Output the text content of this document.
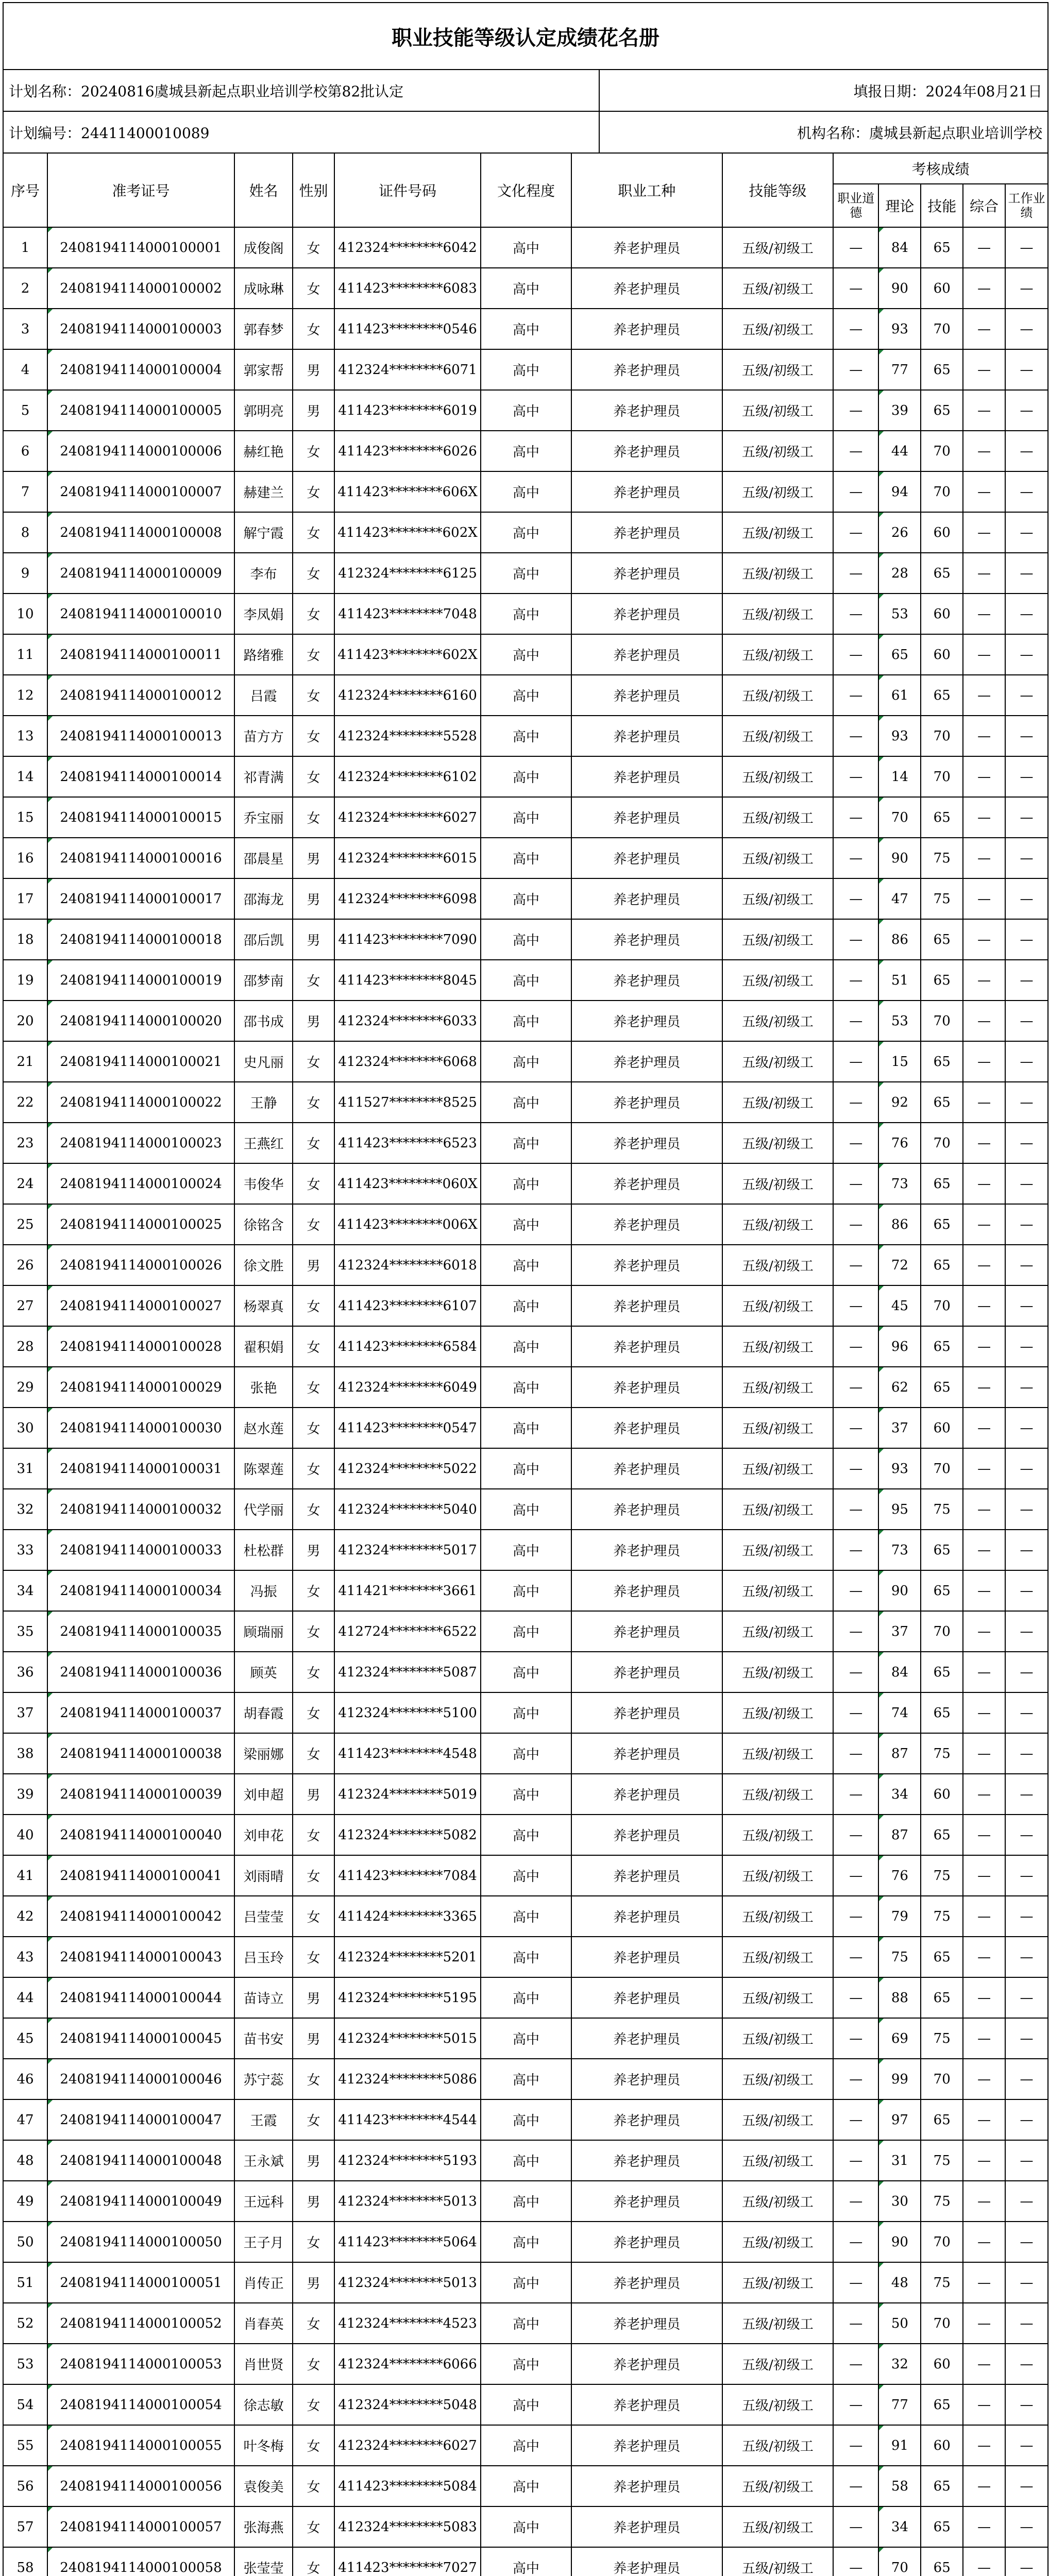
职业技能等级认定成绩花名册
计划名称：20240816虞城县新起点职业培训学校第82批认定	填报日期：2024年08月21日
计划编号：24411400010089	机构名称：虞城县新起点职业培训学校
序号	准考证号	姓名	性别	证件号码	文化程度	职业工种	技能等级	考核成绩				
								职业道德	理论	技能	综合	工作业绩
1	2408194114000100001	成俊阁	女	412324********6042	高中	养老护理员	五级/初级工	—	84	65	—	—
2	2408194114000100002	成咏琳	女	411423********6083	高中	养老护理员	五级/初级工	—	90	60	—	—
3	2408194114000100003	郭春梦	女	411423********0546	高中	养老护理员	五级/初级工	—	93	70	—	—
4	2408194114000100004	郭家帮	男	412324********6071	高中	养老护理员	五级/初级工	—	77	65	—	—
5	2408194114000100005	郭明亮	男	411423********6019	高中	养老护理员	五级/初级工	—	39	65	—	—
6	2408194114000100006	赫红艳	女	411423********6026	高中	养老护理员	五级/初级工	—	44	70	—	—
7	2408194114000100007	赫建兰	女	411423********606X	高中	养老护理员	五级/初级工	—	94	70	—	—
8	2408194114000100008	解宁霞	女	411423********602X	高中	养老护理员	五级/初级工	—	26	60	—	—
9	2408194114000100009	李布	女	412324********6125	高中	养老护理员	五级/初级工	—	28	65	—	—
10	2408194114000100010	李凤娟	女	411423********7048	高中	养老护理员	五级/初级工	—	53	60	—	—
11	2408194114000100011	路绪雅	女	411423********602X	高中	养老护理员	五级/初级工	—	65	60	—	—
12	2408194114000100012	吕霞	女	412324********6160	高中	养老护理员	五级/初级工	—	61	65	—	—
13	2408194114000100013	苗方方	女	412324********5528	高中	养老护理员	五级/初级工	—	93	70	—	—
14	2408194114000100014	祁青满	女	412324********6102	高中	养老护理员	五级/初级工	—	14	70	—	—
15	2408194114000100015	乔宝丽	女	412324********6027	高中	养老护理员	五级/初级工	—	70	65	—	—
16	2408194114000100016	邵晨星	男	412324********6015	高中	养老护理员	五级/初级工	—	90	75	—	—
17	2408194114000100017	邵海龙	男	412324********6098	高中	养老护理员	五级/初级工	—	47	75	—	—
18	2408194114000100018	邵后凯	男	411423********7090	高中	养老护理员	五级/初级工	—	86	65	—	—
19	2408194114000100019	邵梦南	女	411423********8045	高中	养老护理员	五级/初级工	—	51	65	—	—
20	2408194114000100020	邵书成	男	412324********6033	高中	养老护理员	五级/初级工	—	53	70	—	—
21	2408194114000100021	史凡丽	女	412324********6068	高中	养老护理员	五级/初级工	—	15	65	—	—
22	2408194114000100022	王静	女	411527********8525	高中	养老护理员	五级/初级工	—	92	65	—	—
23	2408194114000100023	王燕红	女	411423********6523	高中	养老护理员	五级/初级工	—	76	70	—	—
24	2408194114000100024	韦俊华	女	411423********060X	高中	养老护理员	五级/初级工	—	73	65	—	—
25	2408194114000100025	徐铭含	女	411423********006X	高中	养老护理员	五级/初级工	—	86	65	—	—
26	2408194114000100026	徐文胜	男	412324********6018	高中	养老护理员	五级/初级工	—	72	65	—	—
27	2408194114000100027	杨翠真	女	411423********6107	高中	养老护理员	五级/初级工	—	45	70	—	—
28	2408194114000100028	翟积娟	女	411423********6584	高中	养老护理员	五级/初级工	—	96	65	—	—
29	2408194114000100029	张艳	女	412324********6049	高中	养老护理员	五级/初级工	—	62	65	—	—
30	2408194114000100030	赵水莲	女	411423********0547	高中	养老护理员	五级/初级工	—	37	60	—	—
31	2408194114000100031	陈翠莲	女	412324********5022	高中	养老护理员	五级/初级工	—	93	70	—	—
32	2408194114000100032	代学丽	女	412324********5040	高中	养老护理员	五级/初级工	—	95	75	—	—
33	2408194114000100033	杜松群	男	412324********5017	高中	养老护理员	五级/初级工	—	73	65	—	—
34	2408194114000100034	冯振	女	411421********3661	高中	养老护理员	五级/初级工	—	90	65	—	—
35	2408194114000100035	顾瑞丽	女	412724********6522	高中	养老护理员	五级/初级工	—	37	70	—	—
36	2408194114000100036	顾英	女	412324********5087	高中	养老护理员	五级/初级工	—	84	65	—	—
37	2408194114000100037	胡春霞	女	412324********5100	高中	养老护理员	五级/初级工	—	74	65	—	—
38	2408194114000100038	梁丽娜	女	411423********4548	高中	养老护理员	五级/初级工	—	87	75	—	—
39	2408194114000100039	刘申超	男	412324********5019	高中	养老护理员	五级/初级工	—	34	60	—	—
40	2408194114000100040	刘申花	女	412324********5082	高中	养老护理员	五级/初级工	—	87	65	—	—
41	2408194114000100041	刘雨晴	女	411423********7084	高中	养老护理员	五级/初级工	—	76	75	—	—
42	2408194114000100042	吕莹莹	女	411424********3365	高中	养老护理员	五级/初级工	—	79	75	—	—
43	2408194114000100043	吕玉玲	女	412324********5201	高中	养老护理员	五级/初级工	—	75	65	—	—
44	2408194114000100044	苗诗立	男	412324********5195	高中	养老护理员	五级/初级工	—	88	65	—	—
45	2408194114000100045	苗书安	男	412324********5015	高中	养老护理员	五级/初级工	—	69	75	—	—
46	2408194114000100046	苏宁蕊	女	412324********5086	高中	养老护理员	五级/初级工	—	99	70	—	—
47	2408194114000100047	王霞	女	411423********4544	高中	养老护理员	五级/初级工	—	97	65	—	—
48	2408194114000100048	王永斌	男	412324********5193	高中	养老护理员	五级/初级工	—	31	75	—	—
49	2408194114000100049	王远科	男	412324********5013	高中	养老护理员	五级/初级工	—	30	75	—	—
50	2408194114000100050	王子月	女	411423********5064	高中	养老护理员	五级/初级工	—	90	70	—	—
51	2408194114000100051	肖传正	男	412324********5013	高中	养老护理员	五级/初级工	—	48	75	—	—
52	2408194114000100052	肖春英	女	412324********4523	高中	养老护理员	五级/初级工	—	50	70	—	—
53	2408194114000100053	肖世贤	女	412324********6066	高中	养老护理员	五级/初级工	—	32	60	—	—
54	2408194114000100054	徐志敏	女	412324********5048	高中	养老护理员	五级/初级工	—	77	65	—	—
55	2408194114000100055	叶冬梅	女	412324********6027	高中	养老护理员	五级/初级工	—	91	60	—	—
56	2408194114000100056	袁俊美	女	411423********5084	高中	养老护理员	五级/初级工	—	58	65	—	—
57	2408194114000100057	张海燕	女	412324********5083	高中	养老护理员	五级/初级工	—	34	65	—	—
58	2408194114000100058	张莹莹	女	411423********7027	高中	养老护理员	五级/初级工	—	70	65	—	—
